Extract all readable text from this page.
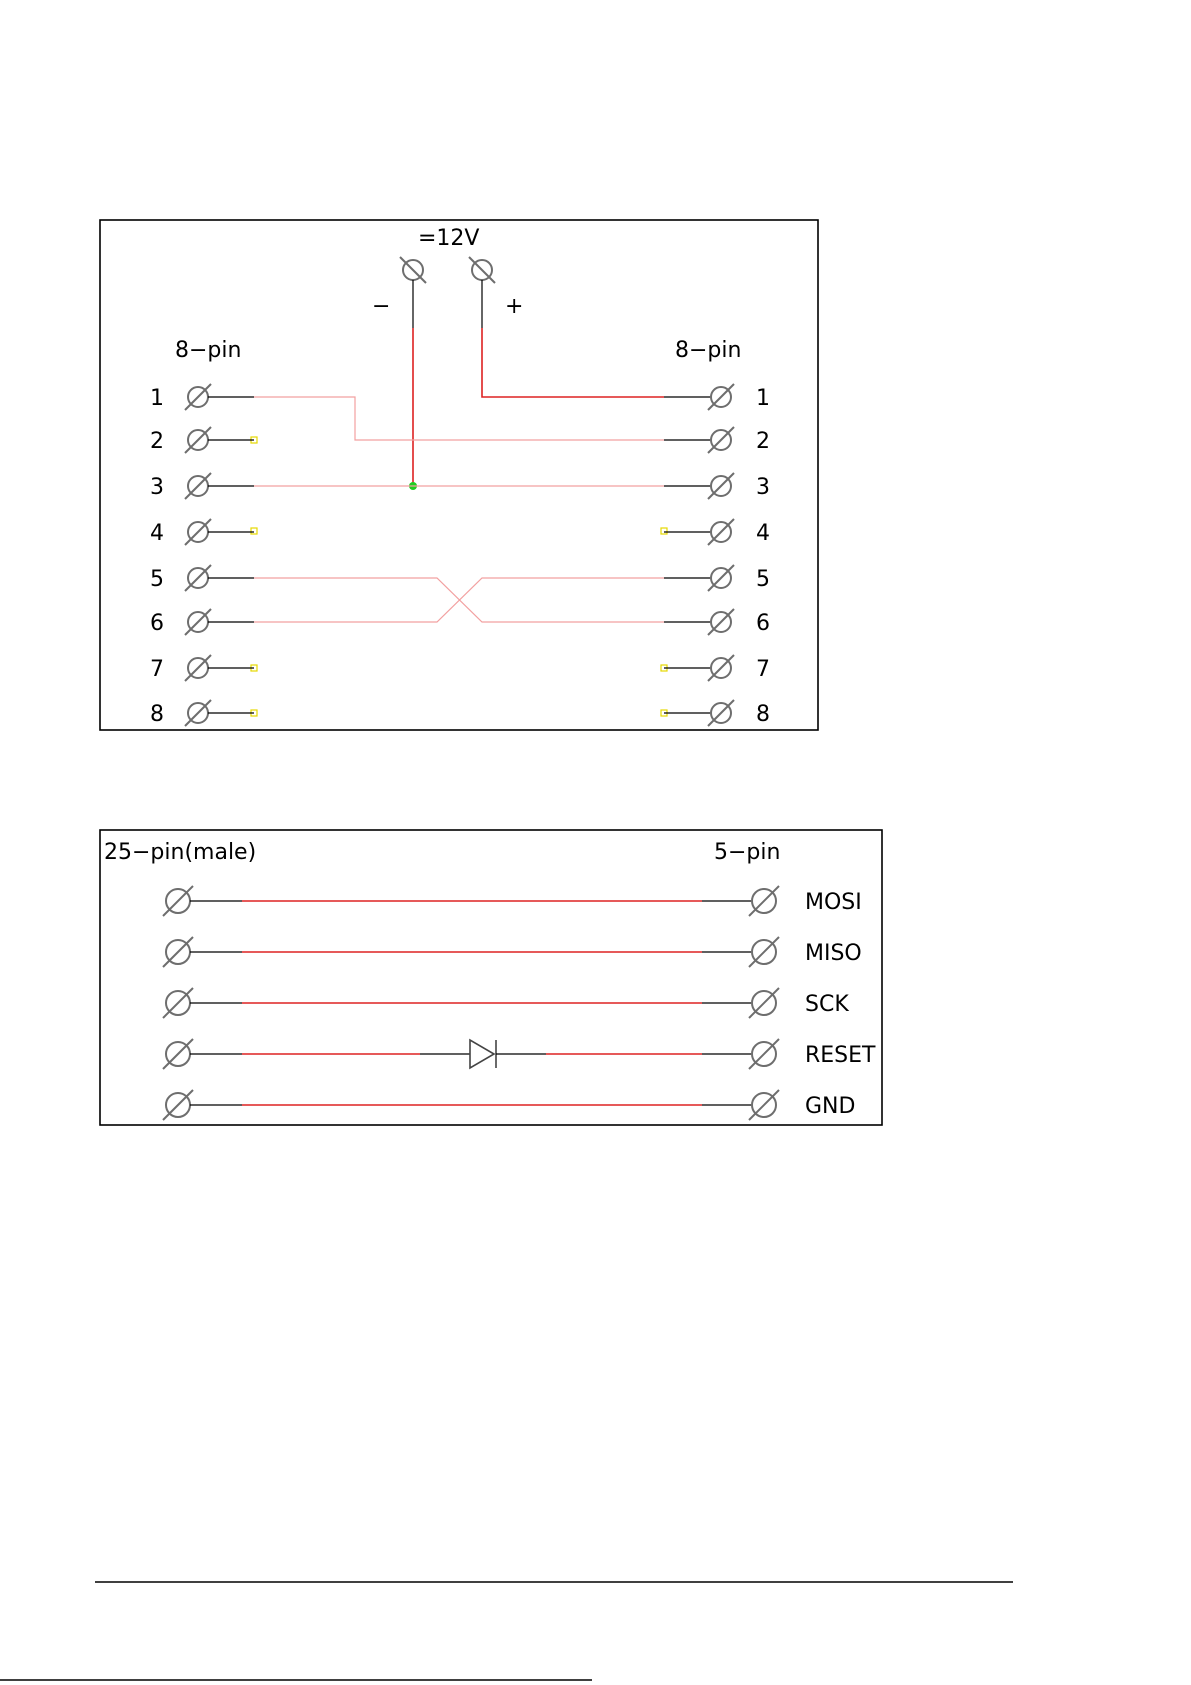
=12V
−	+
8−pin	8−pin
1
2
3
4
5
6
7
8
1
2
3
4
5
6
7
8
25−pin(male)	5−pin
MOSI
MISO
SCK
RESET
GND
